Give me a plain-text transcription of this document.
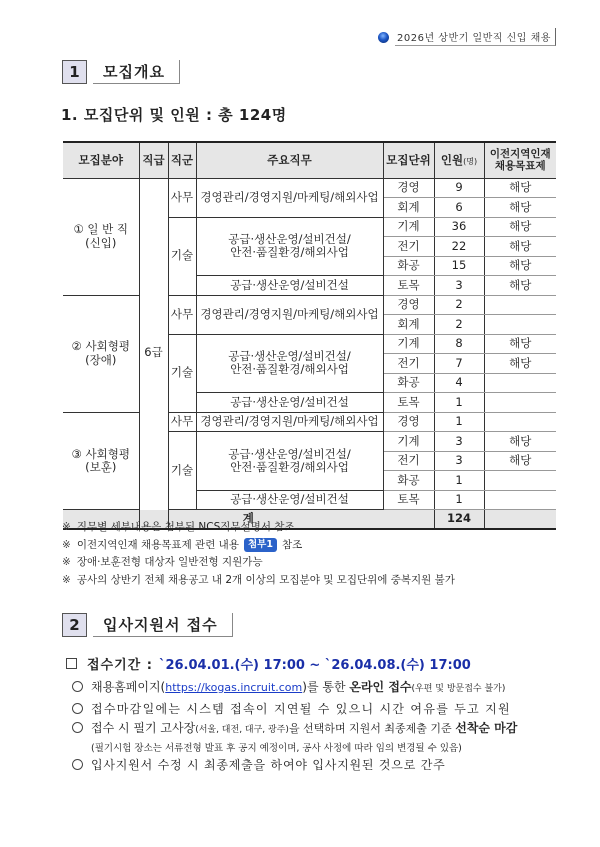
2026년 상반기 일반직 신입 채용
1	모집개요
1. 모집단위 및 인원 : 총 124명
모집분야	직급	직군	주요직무	모집단위	인원(명)	이전지역인재
채용목표제
① 일 반 직
(신입)	6급	사무	경영관리/경영지원/마케팅/해외사업	경영	9	해당
				회계	6	해당
		기술	공급·생산운영/설비건설/
안전·품질환경/해외사업	기계	36	해당
				전기	22	해당
				화공	15	해당
			공급·생산운영/설비건설	토목	3	해당
② 사회형평
(장애)		사무	경영관리/경영지원/마케팅/해외사업	경영	2	
				회계	2	
		기술	공급·생산운영/설비건설/
안전·품질환경/해외사업	기계	8	해당
				전기	7	해당
				화공	4	
			공급·생산운영/설비건설	토목	1	
③ 사회형평
(보훈)		사무	경영관리/경영지원/마케팅/해외사업	경영	1	
		기술	공급·생산운영/설비건설/
안전·품질환경/해외사업	기계	3	해당
				전기	3	해당
				화공	1	
			공급·생산운영/설비건설	토목	1	
계					124	
※ 직무별 세부내용은 첨부된 NCS직무설명서 참조
※ 이전지역인재 채용목표제 관련 내용 첨부1 참조
※ 장애·보훈전형 대상자 일반전형 지원가능
※ 공사의 상반기 전체 채용공고 내 2개 이상의 모집분야 및 모집단위에 중복지원 불가
2	입사지원서 접수
접수기간 : `26.04.01.(수) 17:00 ~ `26.04.08.(수) 17:00
채용홈페이지( https://kogas.incruit.com )를 통한 온라인 접수 (우편 및 방문접수 불가)
접수마감일에는 시스템 접속이 지연될 수 있으니 시간 여유를 두고 지원
접수 시 필기 고사장 (서울, 대전, 대구, 광주) 을 선택하며 지원서 최종제출 기준 선착순 마감
(필기시험 장소는 서류전형 발표 후 공지 예정이며, 공사 사정에 따라 임의 변경될 수 있음)
입사지원서 수정 시 최종제출을 하여야 입사지원된 것으로 간주
